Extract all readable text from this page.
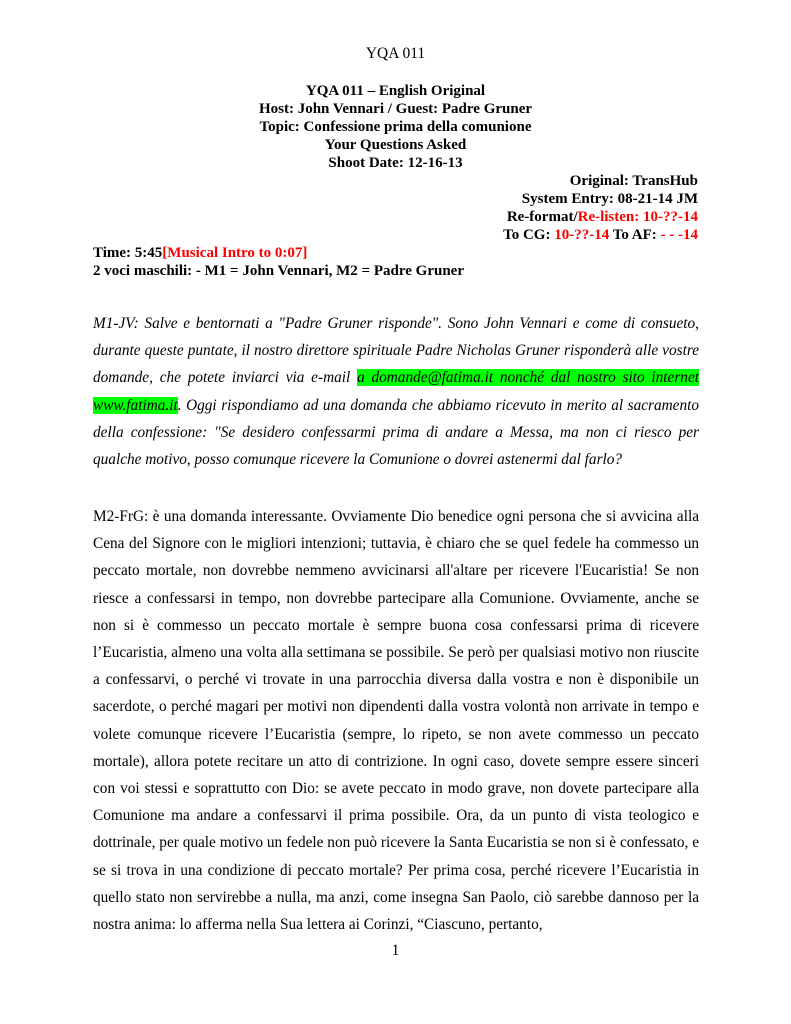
YQA 011
YQA 011 – English Original
Host: John Vennari / Guest: Padre Gruner
Topic: Confessione prima della comunione
Your Questions Asked
Shoot Date: 12-16-13
Original: TransHub
System Entry: 08-21-14 JM
Re-format/Re-listen: 10-??-14
To CG: 10-??-14 To AF: - - -14
Time: 5:45[Musical Intro to 0:07]
2 voci maschili: - M1 = John Vennari, M2 = Padre Gruner
M1-JV: Salve e bentornati a "Padre Gruner risponde". Sono John Vennari e come di consueto, durante queste puntate, il nostro direttore spirituale Padre Nicholas Gruner risponderà alle vostre domande, che potete inviarci via e-mail a domande@fatima.it nonché dal nostro sito internet www.fatima.it. Oggi rispondiamo ad una domanda che abbiamo ricevuto in merito al sacramento della confessione: "Se desidero confessarmi prima di andare a Messa, ma non ci riesco per qualche motivo, posso comunque ricevere la Comunione o dovrei astenermi dal farlo?
M2-FrG: è una domanda interessante. Ovviamente Dio benedice ogni persona che si avvicina alla Cena del Signore con le migliori intenzioni; tuttavia, è chiaro che se quel fedele ha commesso un peccato mortale, non dovrebbe nemmeno avvicinarsi all'altare per ricevere l'Eucaristia! Se non riesce a confessarsi in tempo, non dovrebbe partecipare alla Comunione. Ovviamente, anche se non si è commesso un peccato mortale è sempre buona cosa confessarsi prima di ricevere l’Eucaristia, almeno una volta alla settimana se possibile. Se però per qualsiasi motivo non riuscite a confessarvi, o perché vi trovate in una parrocchia diversa dalla vostra e non è disponibile un sacerdote, o perché magari per motivi non dipendenti dalla vostra volontà non arrivate in tempo e volete comunque ricevere l’Eucaristia (sempre, lo ripeto, se non avete commesso un peccato mortale), allora potete recitare un atto di contrizione. In ogni caso, dovete sempre essere sinceri con voi stessi e soprattutto con Dio: se avete peccato in modo grave, non dovete partecipare alla Comunione ma andare a confessarvi il prima possibile. Ora, da un punto di vista teologico e dottrinale, per quale motivo un fedele non può ricevere la Santa Eucaristia se non si è confessato, e se si trova in una condizione di peccato mortale? Per prima cosa, perché ricevere l’Eucaristia in quello stato non servirebbe a nulla, ma anzi, come insegna San Paolo, ciò sarebbe dannoso per la nostra anima: lo afferma nella Sua lettera ai Corinzi, “Ciascuno, pertanto,
1
